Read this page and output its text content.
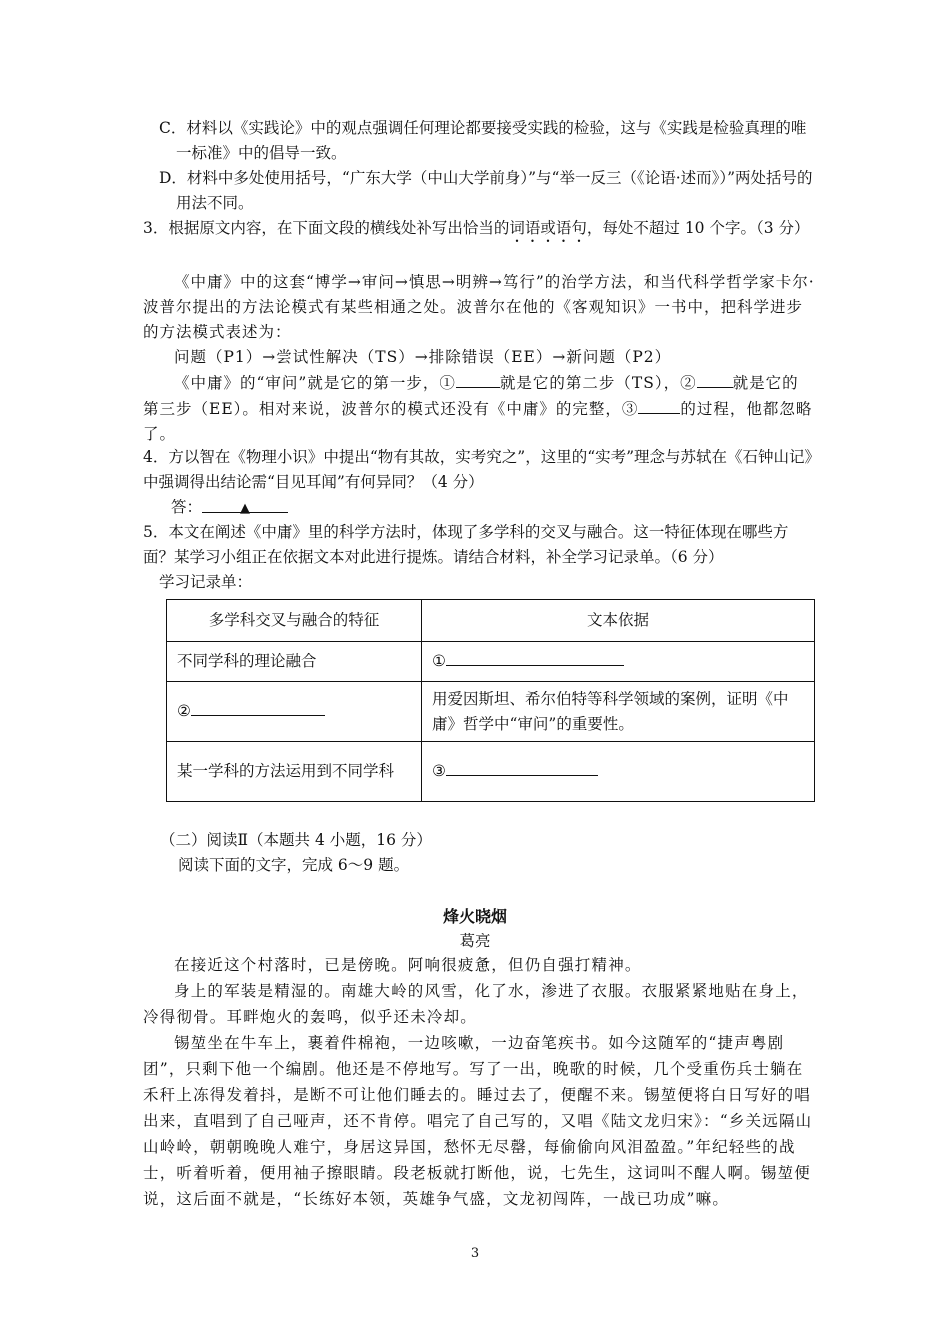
C．材料以《实践论》中的观点强调任何理论都要接受实践的检验，这与《实践是检验真理的唯一标准》中的倡导一致。
D．材料中多处使用括号，“广东大学（中山大学前身）”与“举一反三（《论语·述而》）”两处括号的用法不同。
3．根据原文内容，在下面文段的横线处补写出恰当的词语或语句，每处不超过 10 个字。（3 分）
《中庸》中的这套“博学→审问→慎思→明辨→笃行”的治学方法，和当代科学哲学家卡尔·波普尔提出的方法论模式有某些相通之处。波普尔在他的《客观知识》一书中，把科学进步的方法模式表述为：
问题（P1）→尝试性解决（TS）→排除错误（EE）→新问题（P2）
《中庸》的“审问”就是它的第一步，①	就是它的第二步（TS），② 就是它的第三步（EE）。相对来说，波普尔的模式还没有《中庸》的完整，③	的过程，他都忽略了。
4．方以智在《物理小识》中提出“物有其故，实考究之”，这里的“实考”理念与苏轼在《石钟山记》中强调得出结论需“目见耳闻”有何异同？（4 分）
答：	▲
5．本文在阐述《中庸》里的科学方法时，体现了多学科的交叉与融合。这一特征体现在哪些方面？某学习小组正在依据文本对此进行提炼。请结合材料，补全学习记录单。（6 分）
学习记录单：
多学科交叉与融合的特征	文本依据
不同学科的理论融合	①
②	用爱因斯坦、希尔伯特等科学领域的案例，证明《中庸》哲学中“审问”的重要性。
某一学科的方法运用到不同学科	③
（二）阅读Ⅱ（本题共 4 小题，16 分）
阅读下面的文字，完成 6～9 题。
烽火晓烟
葛亮

在接近这个村落时，已是傍晚。阿响很疲惫，但仍自强打精神。

身上的军装是精湿的。南雄大岭的风雪，化了水，渗进了衣服。衣服紧紧地贴在身上，冷得彻骨。耳畔炮火的轰鸣，似乎还未冷却。

锡堃坐在牛车上，裹着件棉袍，一边咳嗽，一边奋笔疾书。如今这随军的“捷声粤剧团”，只剩下他一个编剧。他还是不停地写。写了一出，晚歌的时候，几个受重伤兵士躺在禾秆上冻得发着抖，是断不可让他们睡去的。睡过去了，便醒不来。锡堃便将白日写好的唱出来，直唱到了自己哑声，还不肯停。唱完了自己写的，又唱《陆文龙归宋》：“乡关远隔山山岭岭，朝朝晚晚人难宁，身居这异国，愁怀无尽罄，每偷偷向风泪盈盈。”年纪轻些的战士，听着听着，便用袖子擦眼睛。段老板就打断他，说，七先生，这词叫不醒人啊。锡堃便说，这后面不就是，“长练好本领，英雄争气盛，文龙初闯阵，一战已功成”嘛。

3
